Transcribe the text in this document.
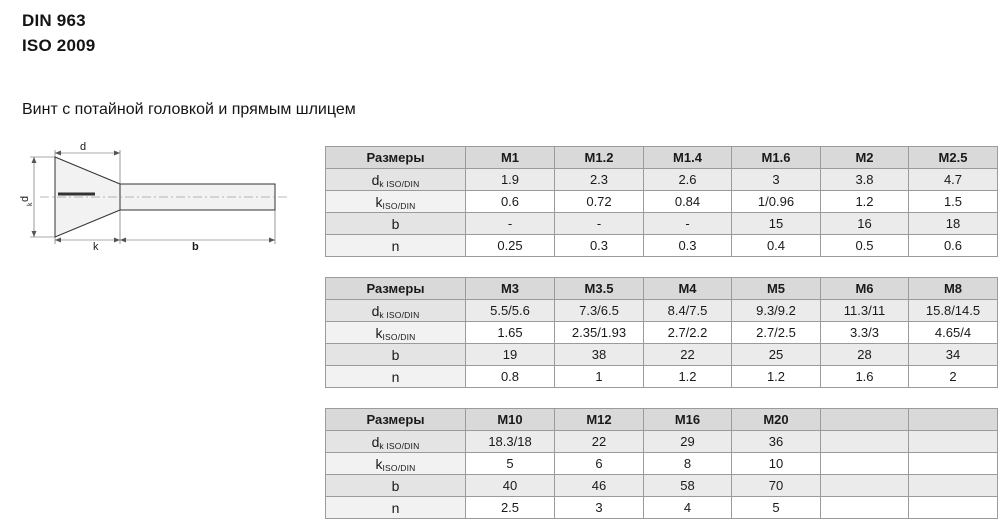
DIN 963
ISO 2009
Винт с потайной головкой и прямым шлицем
d
d
k
k	b
Размеры	M1	M1.2	M1.4	M1.6	M2	M2.5
dk ISO/DIN	1.9	2.3	2.6	3	3.8	4.7
kISO/DIN	0.6	0.72	0.84	1/0.96	1.2	1.5
b	-	-	-	15	16	18
n	0.25	0.3	0.3	0.4	0.5	0.6
Размеры	M3	M3.5	M4	M5	M6	M8
dk ISO/DIN	5.5/5.6	7.3/6.5	8.4/7.5	9.3/9.2	11.3/11	15.8/14.5
kISO/DIN	1.65	2.35/1.93	2.7/2.2	2.7/2.5	3.3/3	4.65/4
b	19	38	22	25	28	34
n	0.8	1	1.2	1.2	1.6	2
Размеры	M10	M12	M16	M20		
dk ISO/DIN	18.3/18	22	29	36		
kISO/DIN	5	6	8	10		
b	40	46	58	70		
n	2.5	3	4	5		
